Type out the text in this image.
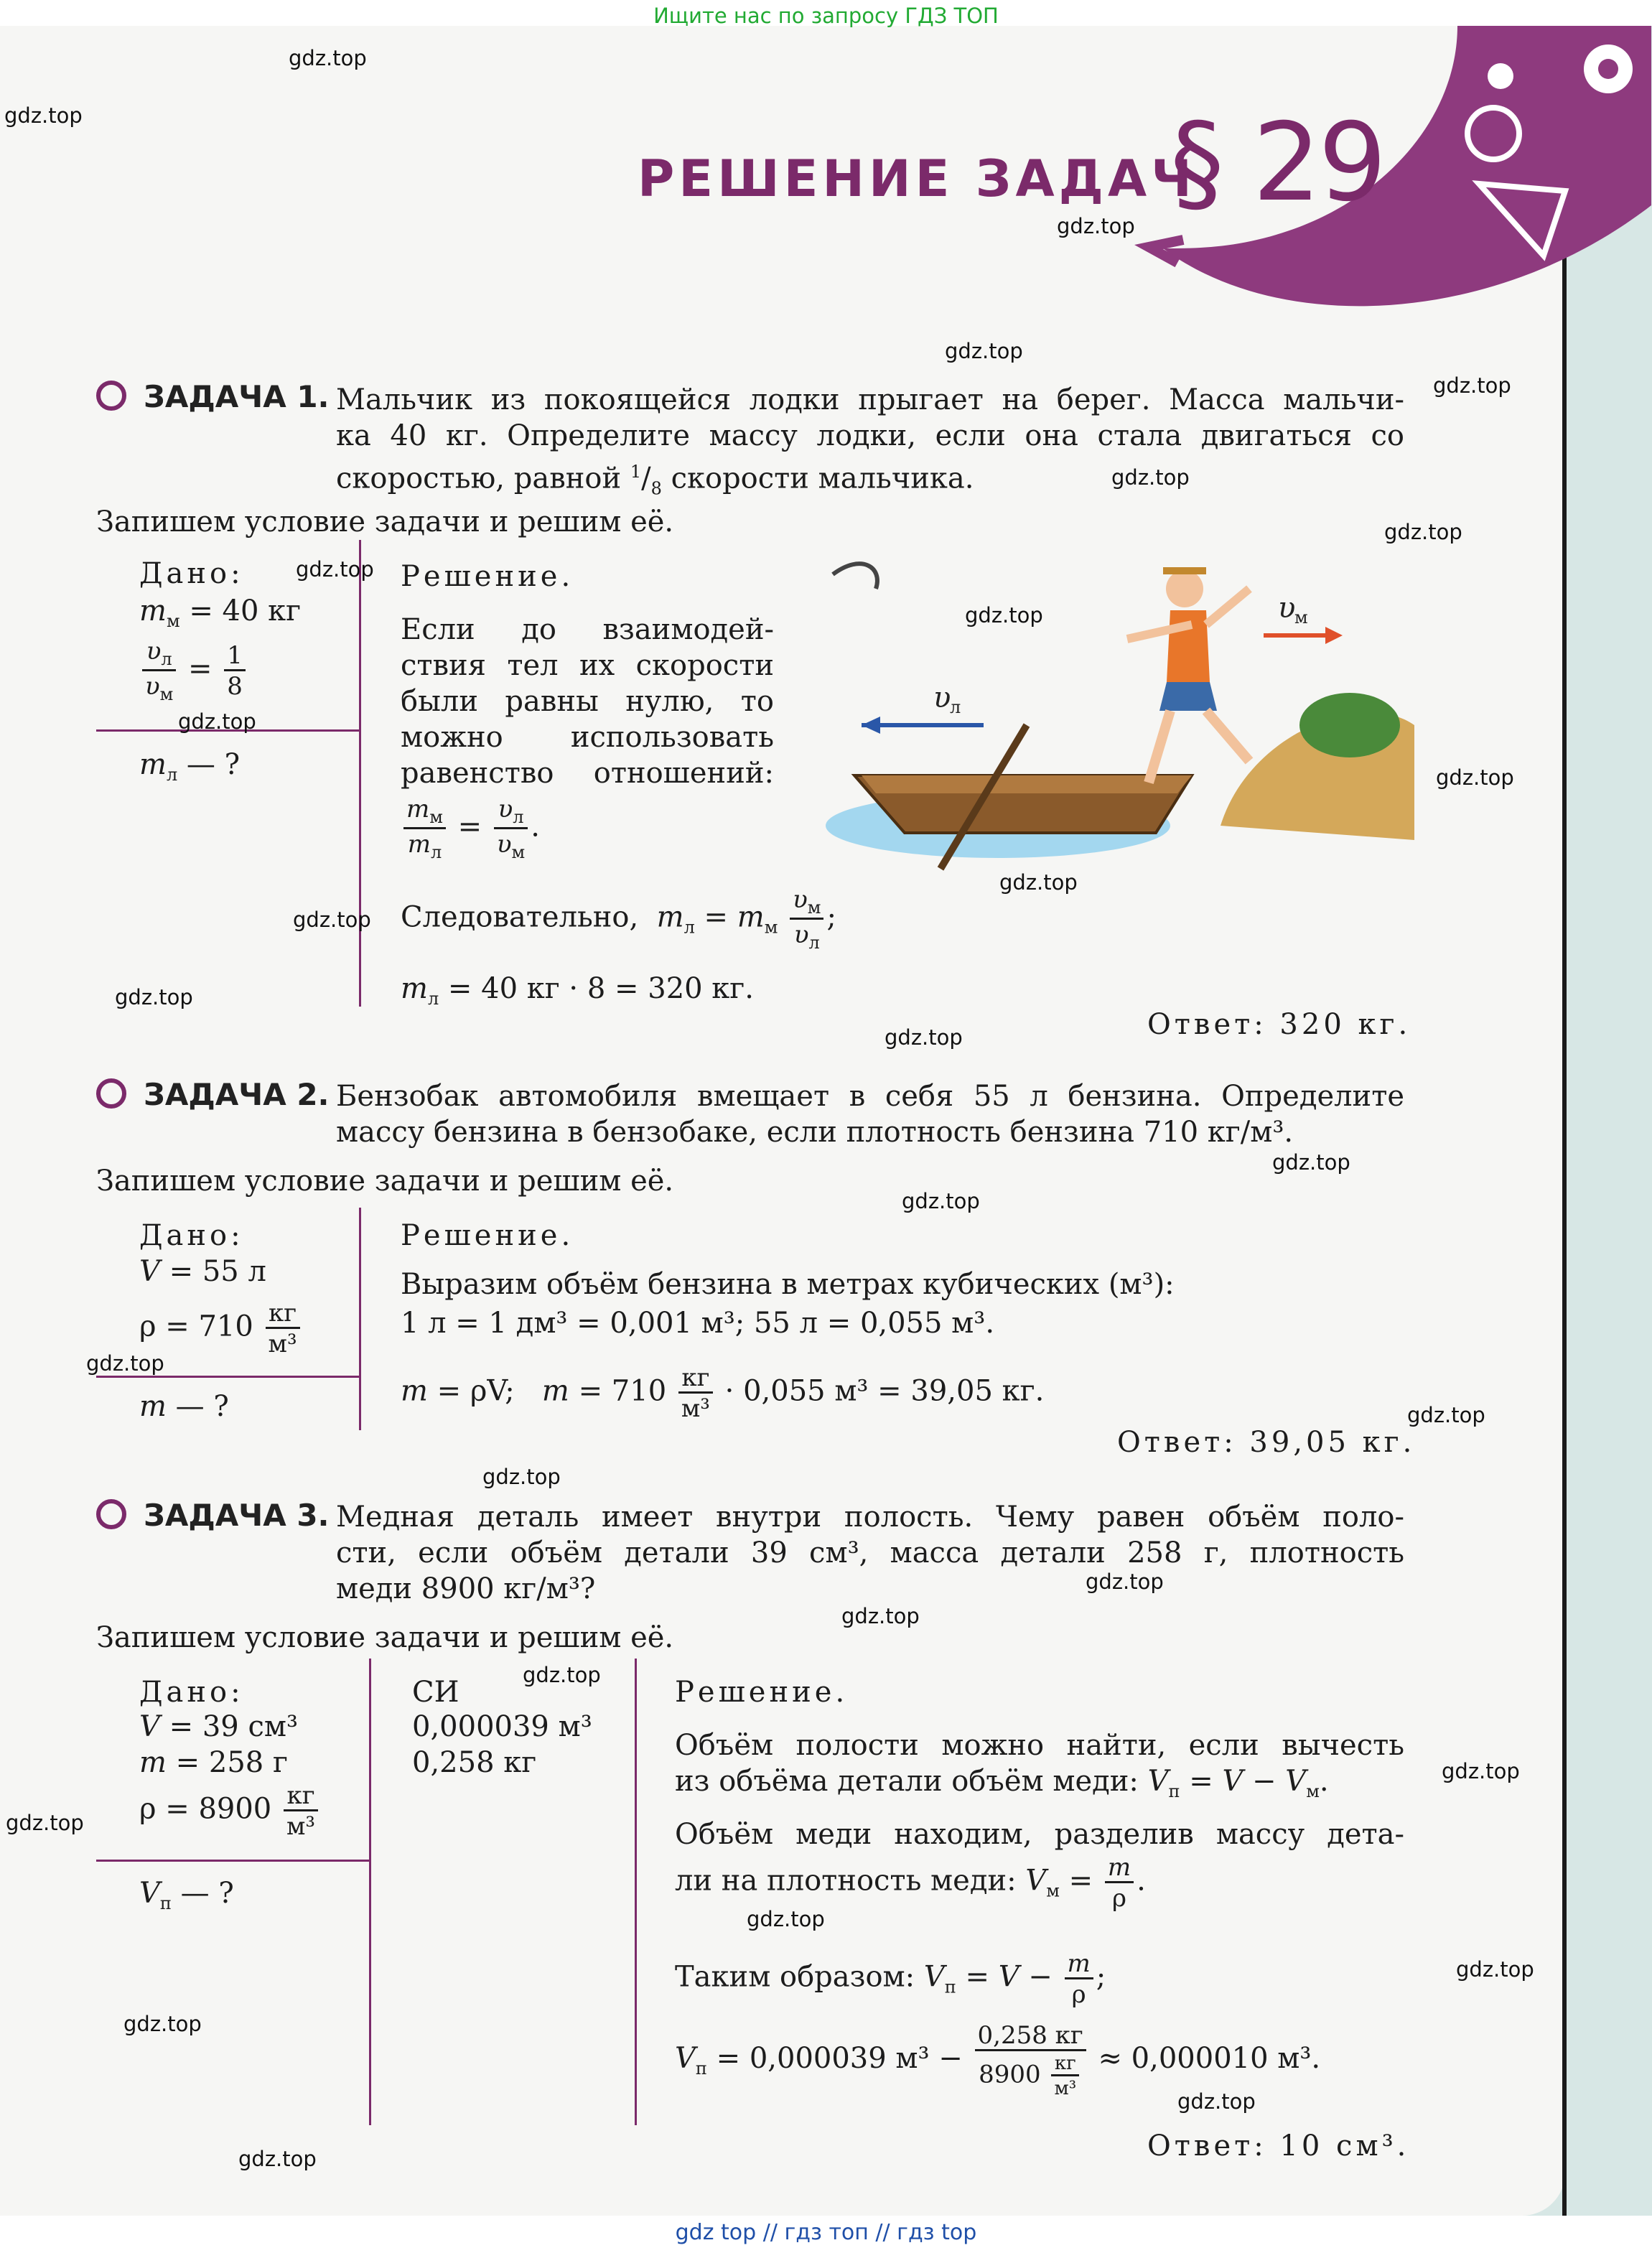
Ищите нас по запросу ГДЗ ТОП
РЕШЕНИЕ ЗАДАЧ
§ 29
ЗАДАЧА 1. Мальчик из покоящейся лодки прыгает на берег. Масса мальчи-
ка 40 кг. Определите массу лодки, если она стала двигаться со
скоростью, равной $^1/_8$ скорости мальчика.
Запишем условие задачи и решим её.
Дано:
$m_м = 40$ кг
$\frac{\upsilon_л}{\upsilon_м} = \frac{1}{8}$
$m_л$ — ?
Решение.
Если до взаимодей-
ствия тел их скорости
были равны нулю, то
можно использовать
равенство отношений:
$\frac{m_м}{m_л} = \frac{\upsilon_л}{\upsilon_м}$ .
Следовательно, $m_л = m_м \frac{\upsilon_м}{\upsilon_л}$ ;
$m_л = 40$ кг · 8 = 320 кг.
Ответ: 320 кг.
υ
л
υ
м
ЗАДАЧА 2. Бензобак автомобиля вмещает в себя 55 л бензина. Определите
массу бензина в бензобаке, если плотность бензина 710 кг/м³.
Запишем условие задачи и решим её.
Дано:
V = 55 л
$\rho = 710 \frac{кг}{\text{м³}}$
m — ?
Решение.
Выразим объём бензина в метрах кубических (м³):
1 л = 1 дм³ = 0,001 м³; 55 л = 0,055 м³.
m = ρV; $m = 710 \frac{кг}{\text{м³}} \cdot 0,055$ м³ = 39,05 кг.
Ответ: 39,05 кг.
ЗАДАЧА 3. Медная деталь имеет внутри полость. Чему равен объём поло-
сти, если объём детали 39 см³, масса детали 258 г, плотность
меди 8900 кг/м³?
Запишем условие задачи и решим её.
Дано:
V = 39 см³
m = 258 г
$\rho = 8900 \frac{кг}{\text{м³}}$
$V_п$ — ?
СИ
0,000039 м³
0,258 кг
Решение.
Объём полости можно найти, если вычесть
из объёма детали объём меди: $V_п = V - V_м$.
Объём меди находим, разделив массу дета-
ли на плотность меди: $V_м = \frac{m}{\rho}$ .
Таким образом: $V_п = V - \frac{m}{\rho}$ ;
$V_п = 0,000039$ $м^3 - \frac{0,258 кг}{8900 \frac{кг}{\text{м³}}} \approx 0,000010$ м³.
Ответ: 10 см³.
gdz.top
gdz.top
gdz.top
gdz.top
gdz.top
gdz.top
gdz.top
gdz.top
gdz.top
gdz.top
gdz.top
gdz.top
gdz.top
gdz.top
gdz.top
gdz.top
gdz.top
gdz.top
gdz.top
gdz.top
gdz.top
gdz.top
gdz.top
gdz.top
gdz.top
gdz.top
gdz.top
gdz.top
gdz.top
gdz.top
gdz top // гдз топ // гдз top
